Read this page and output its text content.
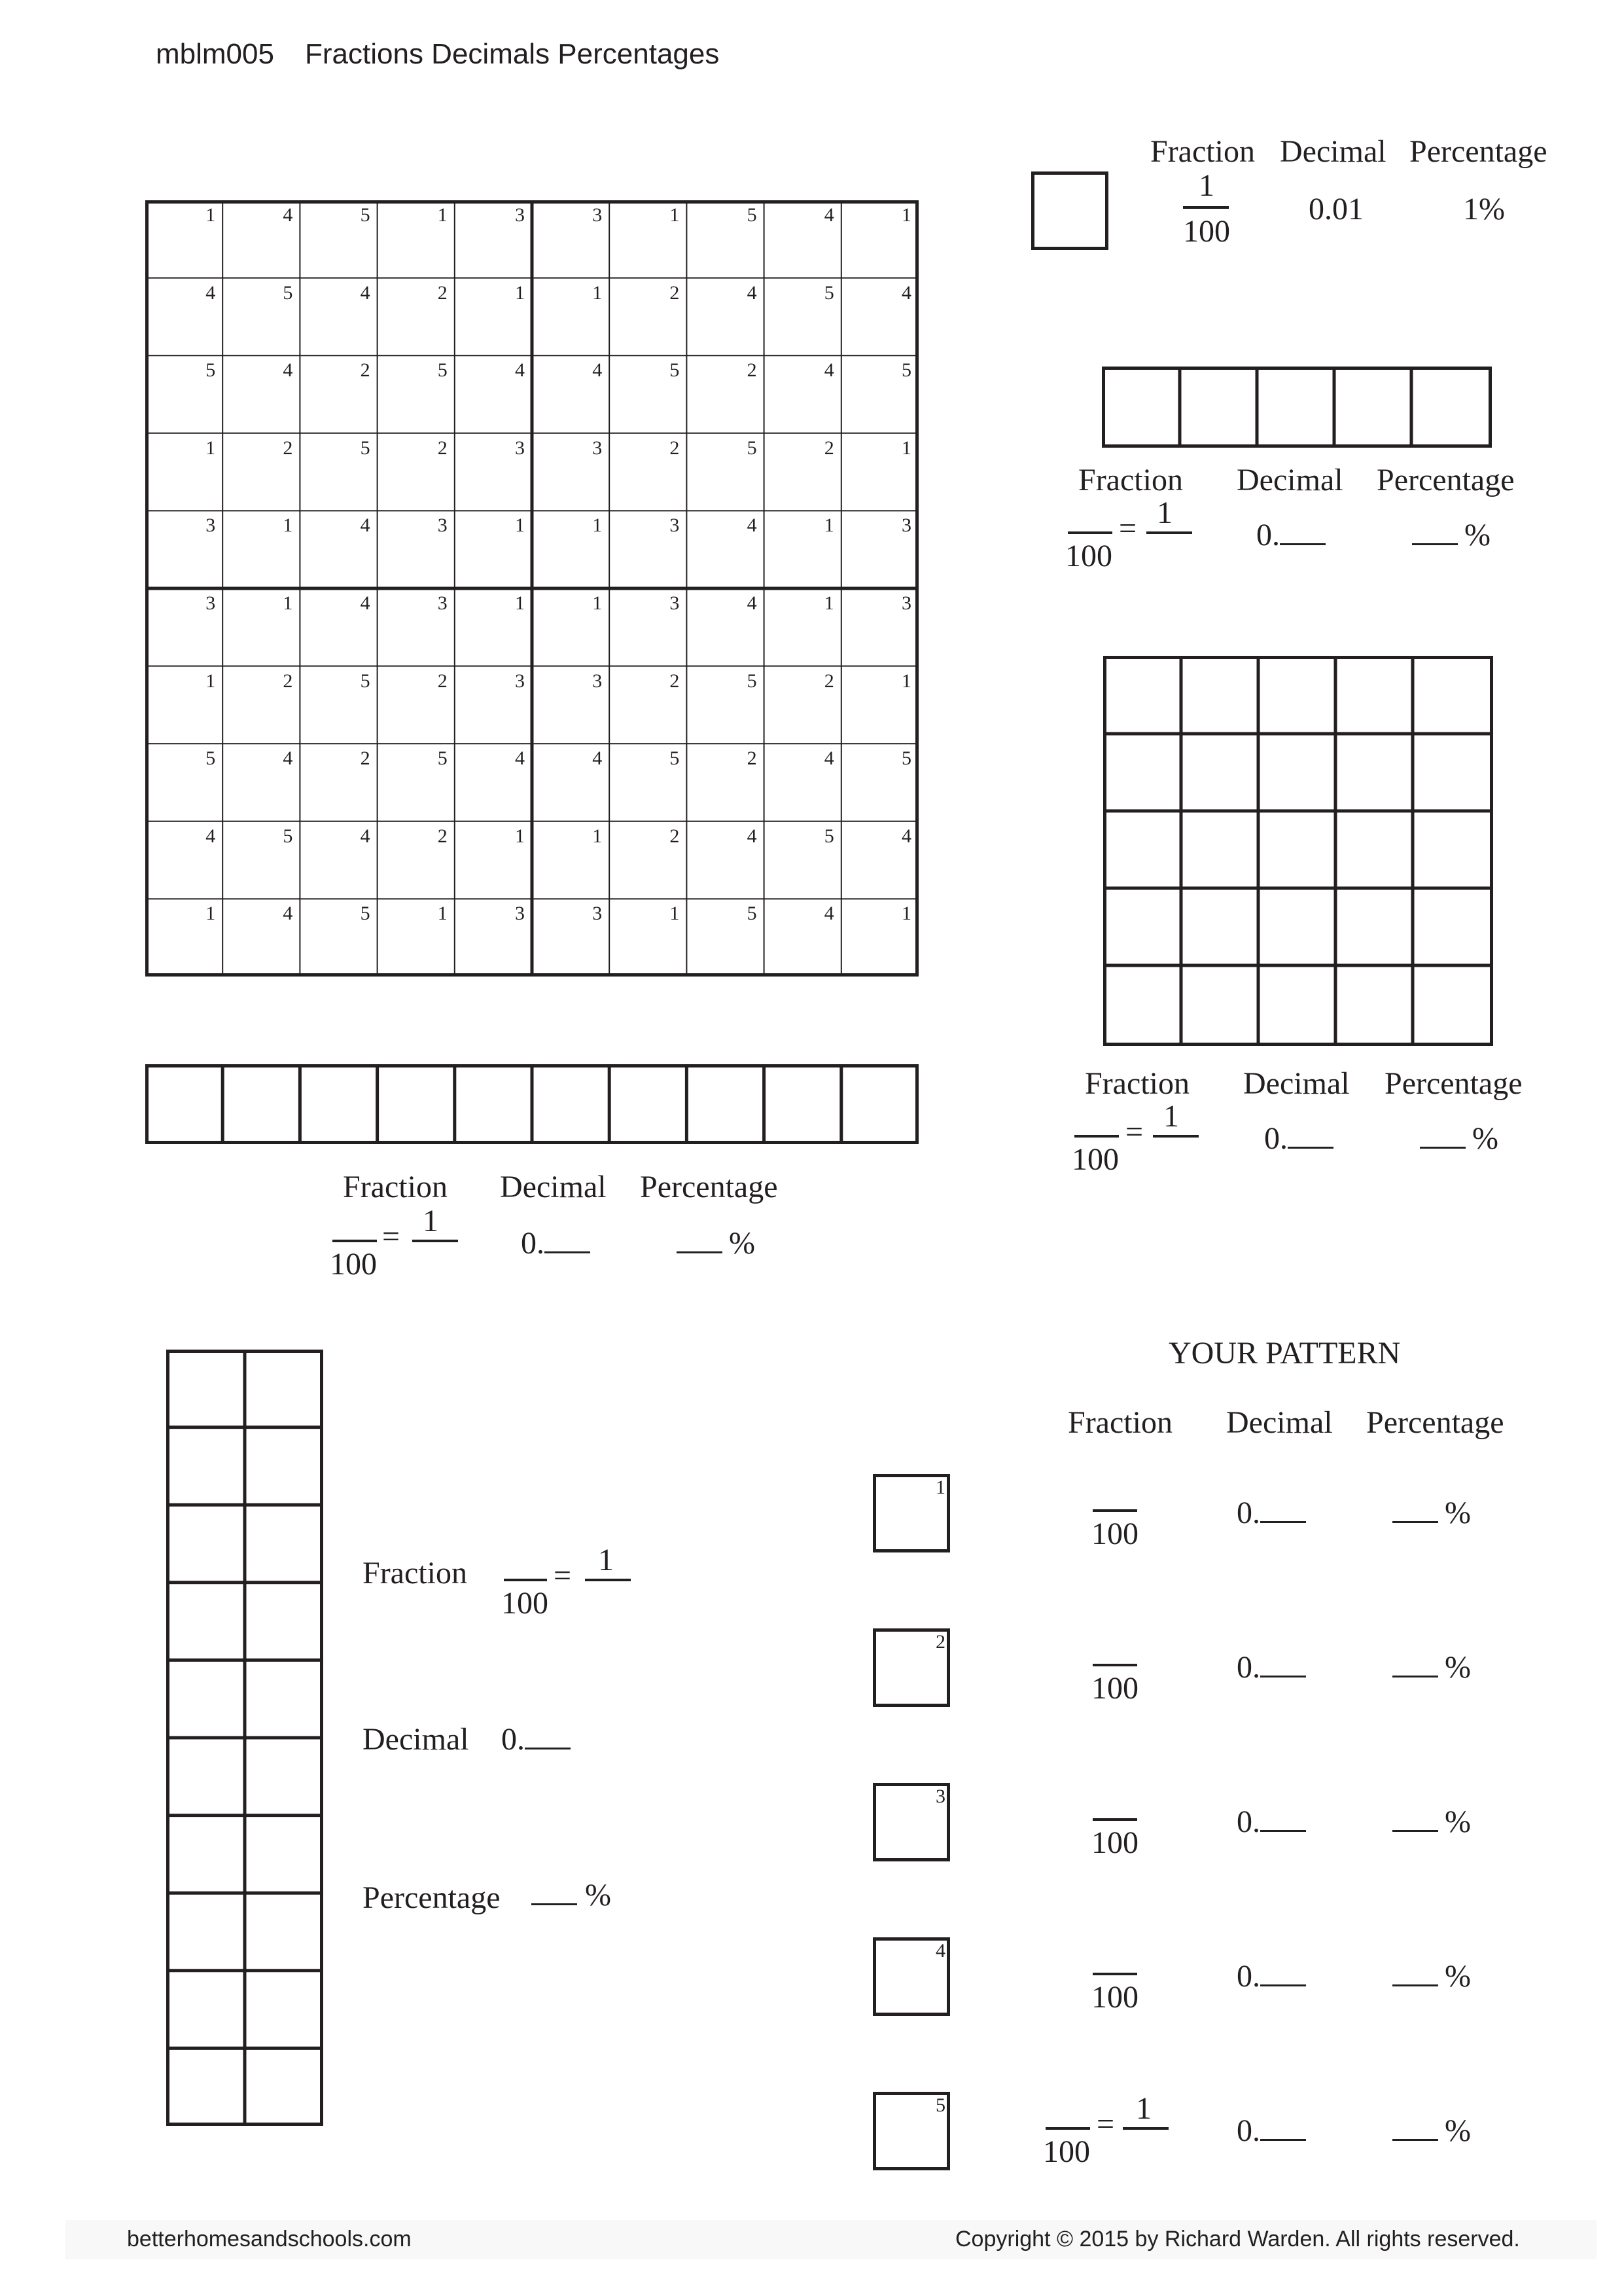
mblm005 Fractions Decimals Percentages
1	4	5	1	3	3	1	5	4	1
4	5	4	2	1	1	2	4	5	4
5	4	2	5	4	4	5	2	4	5
1	2	5	2	3	3	2	5	2	1
3	1	4	3	1	1	3	4	1	3
3	1	4	3	1	1	3	4	1	3
1	2	5	2	3	3	2	5	2	1
5	4	2	5	4	4	5	2	4	5
4	5	4	2	1	1	2	4	5	4
1	4	5	1	3	3	1	5	4	1
Fraction Decimal Percentage
1
100
0.01	1%
Fraction Decimal Percentage
= 1
100
0.	%
Fraction Decimal Percentage
= 1
100
0.	%
Fraction Decimal Percentage
= 1
100
0.	%
Fraction	= 1
100
Decimal 0.
Percentage	%
YOUR PATTERN
Fraction Decimal Percentage
1
100
0.	%
2
100
0.	%
3
100
0.	%
4
100
0.	%
5
= 1
100
0.	%
betterhomesandschools.com	Copyright © 2015 by Richard Warden. All rights reserved.
